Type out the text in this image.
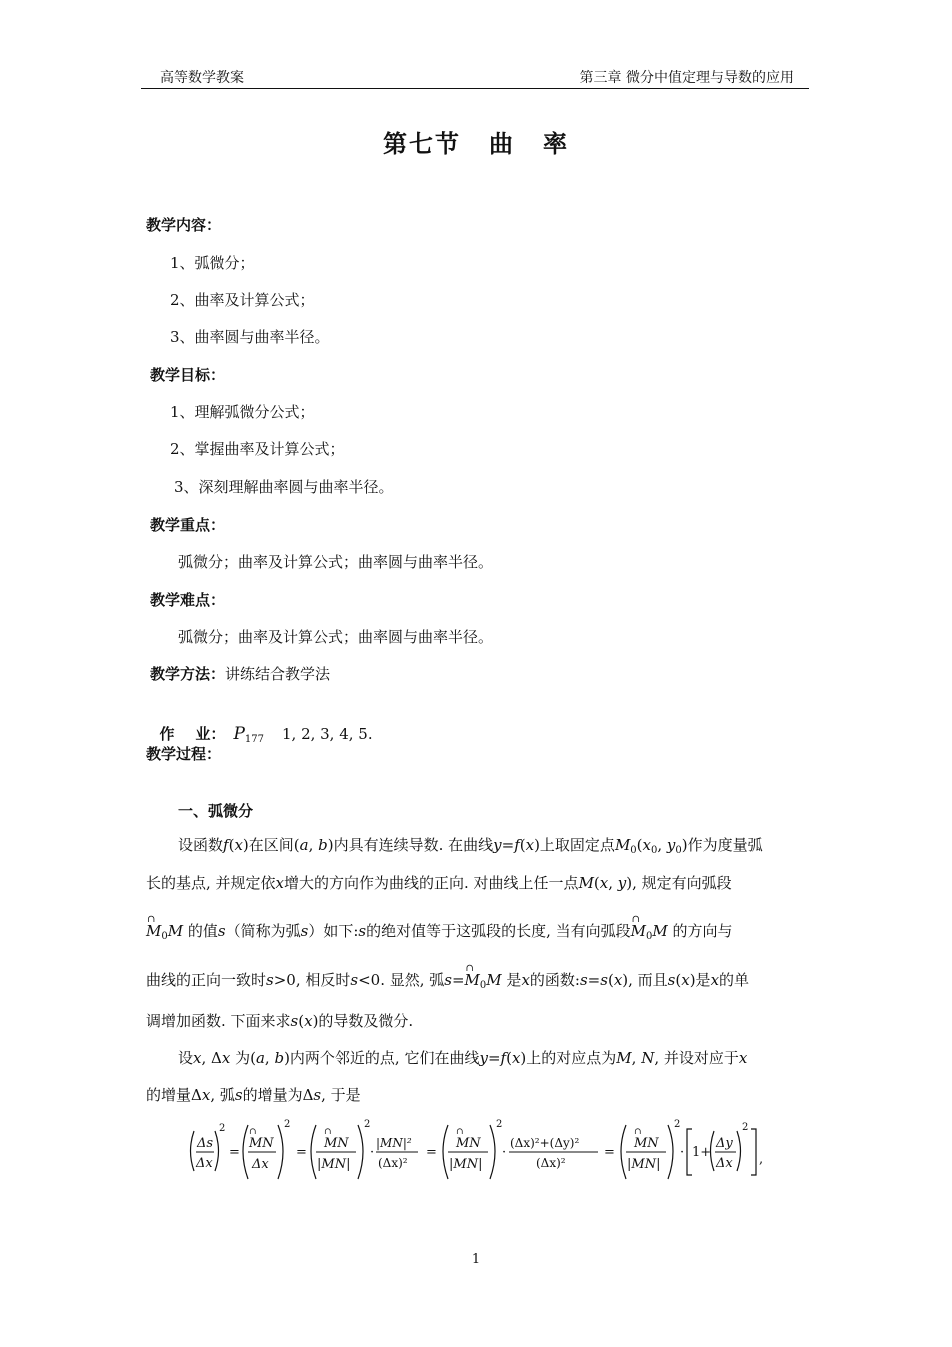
高等数学教案	第三章 微分中值定理与导数的应用
第七节 曲 率
教学内容：
1、弧微分；
2、曲率及计算公式；
3、曲率圆与曲率半径。
教学目标：
1、理解弧微分公式；
2、掌握曲率及计算公式；
3、深刻理解曲率圆与曲率半径。
教学重点：
弧微分；曲率及计算公式；曲率圆与曲率半径。
教学难点：
弧微分；曲率及计算公式；曲率圆与曲率半径。
教学方法：讲练结合教学法

作    业： $P_{177}$ 1, 2, 3, 4, 5.

教学过程：
一、弧微分
设函数f(x)在区间(a, b)内具有连续导数. 在曲线y=f(x)上取固定点$M_0(x_0$, $y_0$)作为度量弧
长的基点, 并规定依x增大的方向作为曲线的正向. 对曲线上任一点M(x, y), 规定有向弧段
∩ $M_0M$ 的值s（简称为弧s）如下:s的绝对值等于这弧段的长度, 当有向弧段∩ $M_0M$ 的方向与
曲线的正向一致时s>0, 相反时s<0. 显然, 弧s=∩ $M_0M$ 是x的函数:s=s(x), 而且s(x)是x的单
调增加函数. 下面来求s(x)的导数及微分.
设x, Δx 为(a, b)内两个邻近的点, 它们在曲线y=f(x)上的对应点为M, N, 并设对应于x
的增量Δx, 弧s的增量为Δs, 于是
Δs
Δx
2
=
∩
MN
Δx
2
=
∩
MN
|MN|
2
·
|MN|²
(Δx)²
=
∩
MN
|MN|
2
·
(Δx)²+(Δy)²
(Δx)²
=
∩
MN
|MN|
2
· 1+
Δy
Δx
2
,
1
